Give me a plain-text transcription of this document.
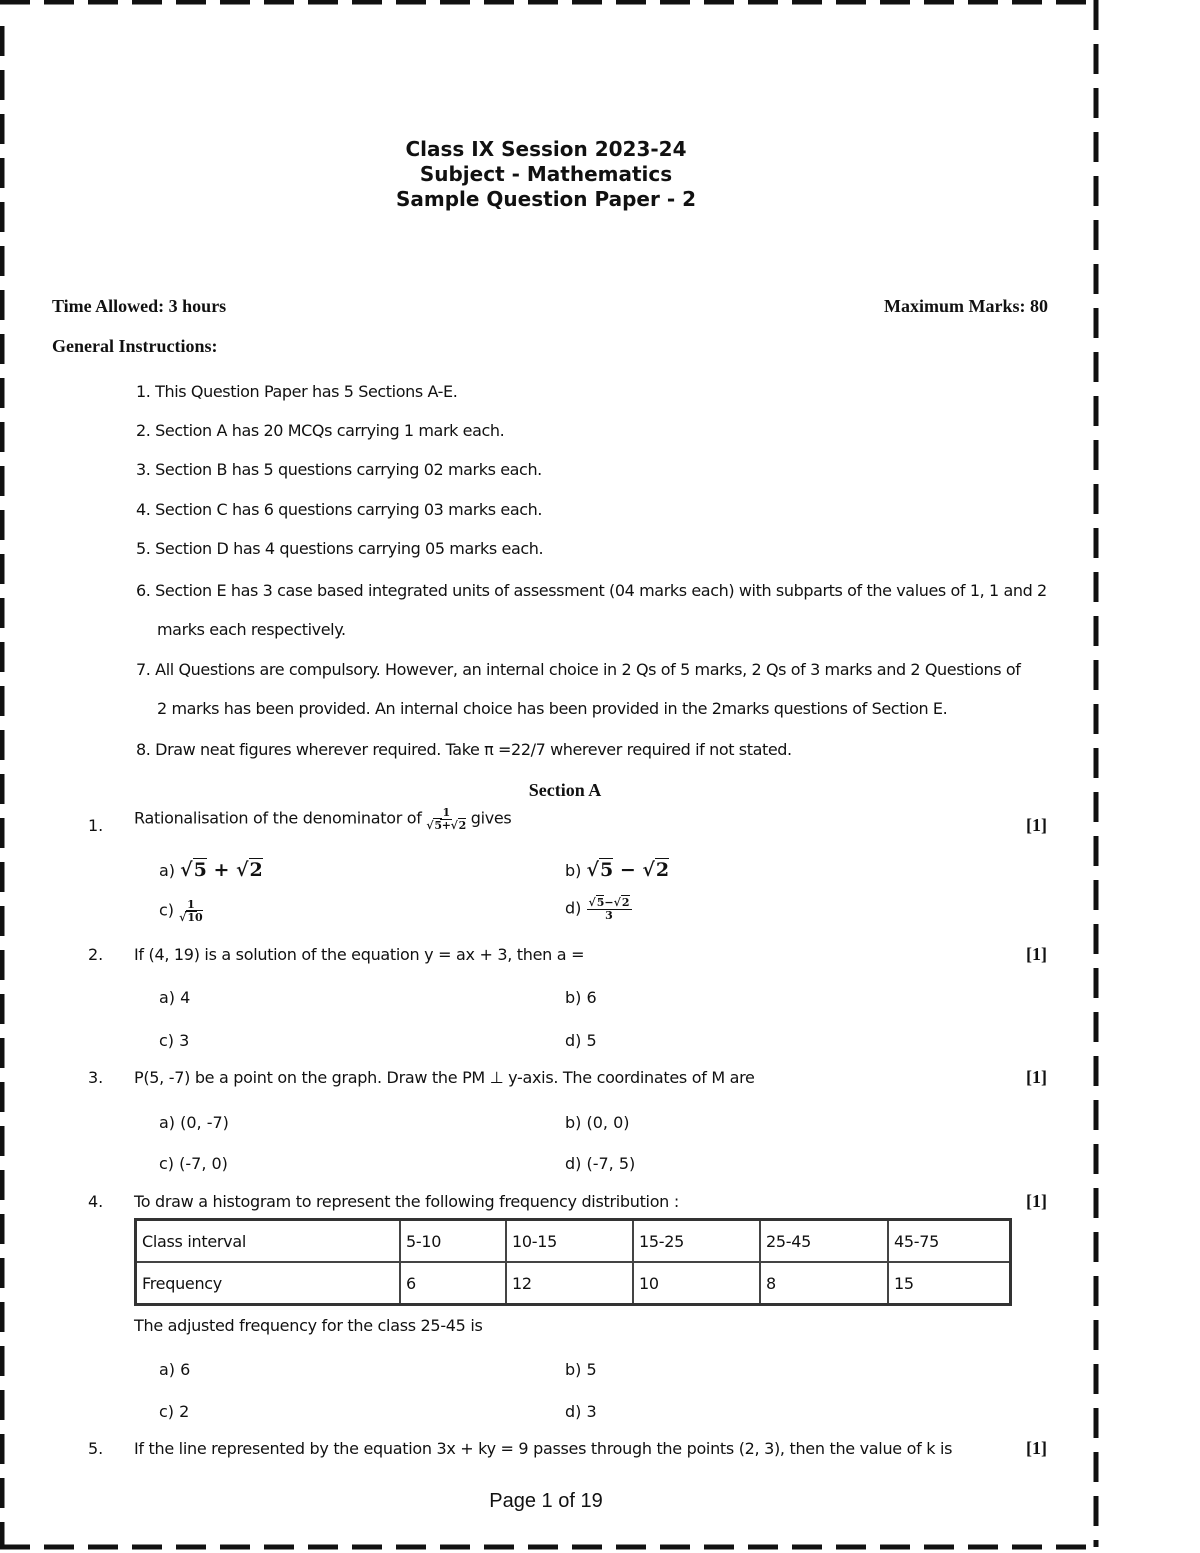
Class IX Session 2023-24
Subject - Mathematics
Sample Question Paper - 2
Time Allowed: 3 hours	Maximum Marks: 80
General Instructions:
1. This Question Paper has 5 Sections A-E.
2. Section A has 20 MCQs carrying 1 mark each.
3. Section B has 5 questions carrying 02 marks each.
4. Section C has 6 questions carrying 03 marks each.
5. Section D has 4 questions carrying 05 marks each.
6. Section E has 3 case based integrated units of assessment (04 marks each) with subparts of the values of 1, 1 and 2
marks each respectively.
7. All Questions are compulsory. However, an internal choice in 2 Qs of 5 marks, 2 Qs of 3 marks and 2 Questions of
2 marks has been provided. An internal choice has been provided in the 2marks questions of Section E.
8. Draw neat figures wherever required. Take π =22/7 wherever required if not stated.
Section A
1. Rationalisation of the denominator of $\frac{1}{√5+√2}$ gives	[1]
a) √5 + √2	b) √5 − √2
$c) \frac{1}{√10}$	$d) \frac{√5-√2}{3}$
2. If (4, 19) is a solution of the equation y = ax + 3, then a =	[1]
a) 4	b) 6
c) 3	d) 5
3. P(5, -7) be a point on the graph. Draw the PM ⊥ y-axis. The coordinates of M are	[1]
a) (0, -7)	b) (0, 0)
c) (-7, 0)	d) (-7, 5)
4. To draw a histogram to represent the following frequency distribution :	[1]
Class interval	5-10	10-15	15-25	25-45	45-75
Frequency	6	12	10	8	15
The adjusted frequency for the class 25-45 is
a) 6	b) 5
c) 2	d) 3
5. If the line represented by the equation 3x + ky = 9 passes through the points (2, 3), then the value of k is	[1]
Page 1 of 19
